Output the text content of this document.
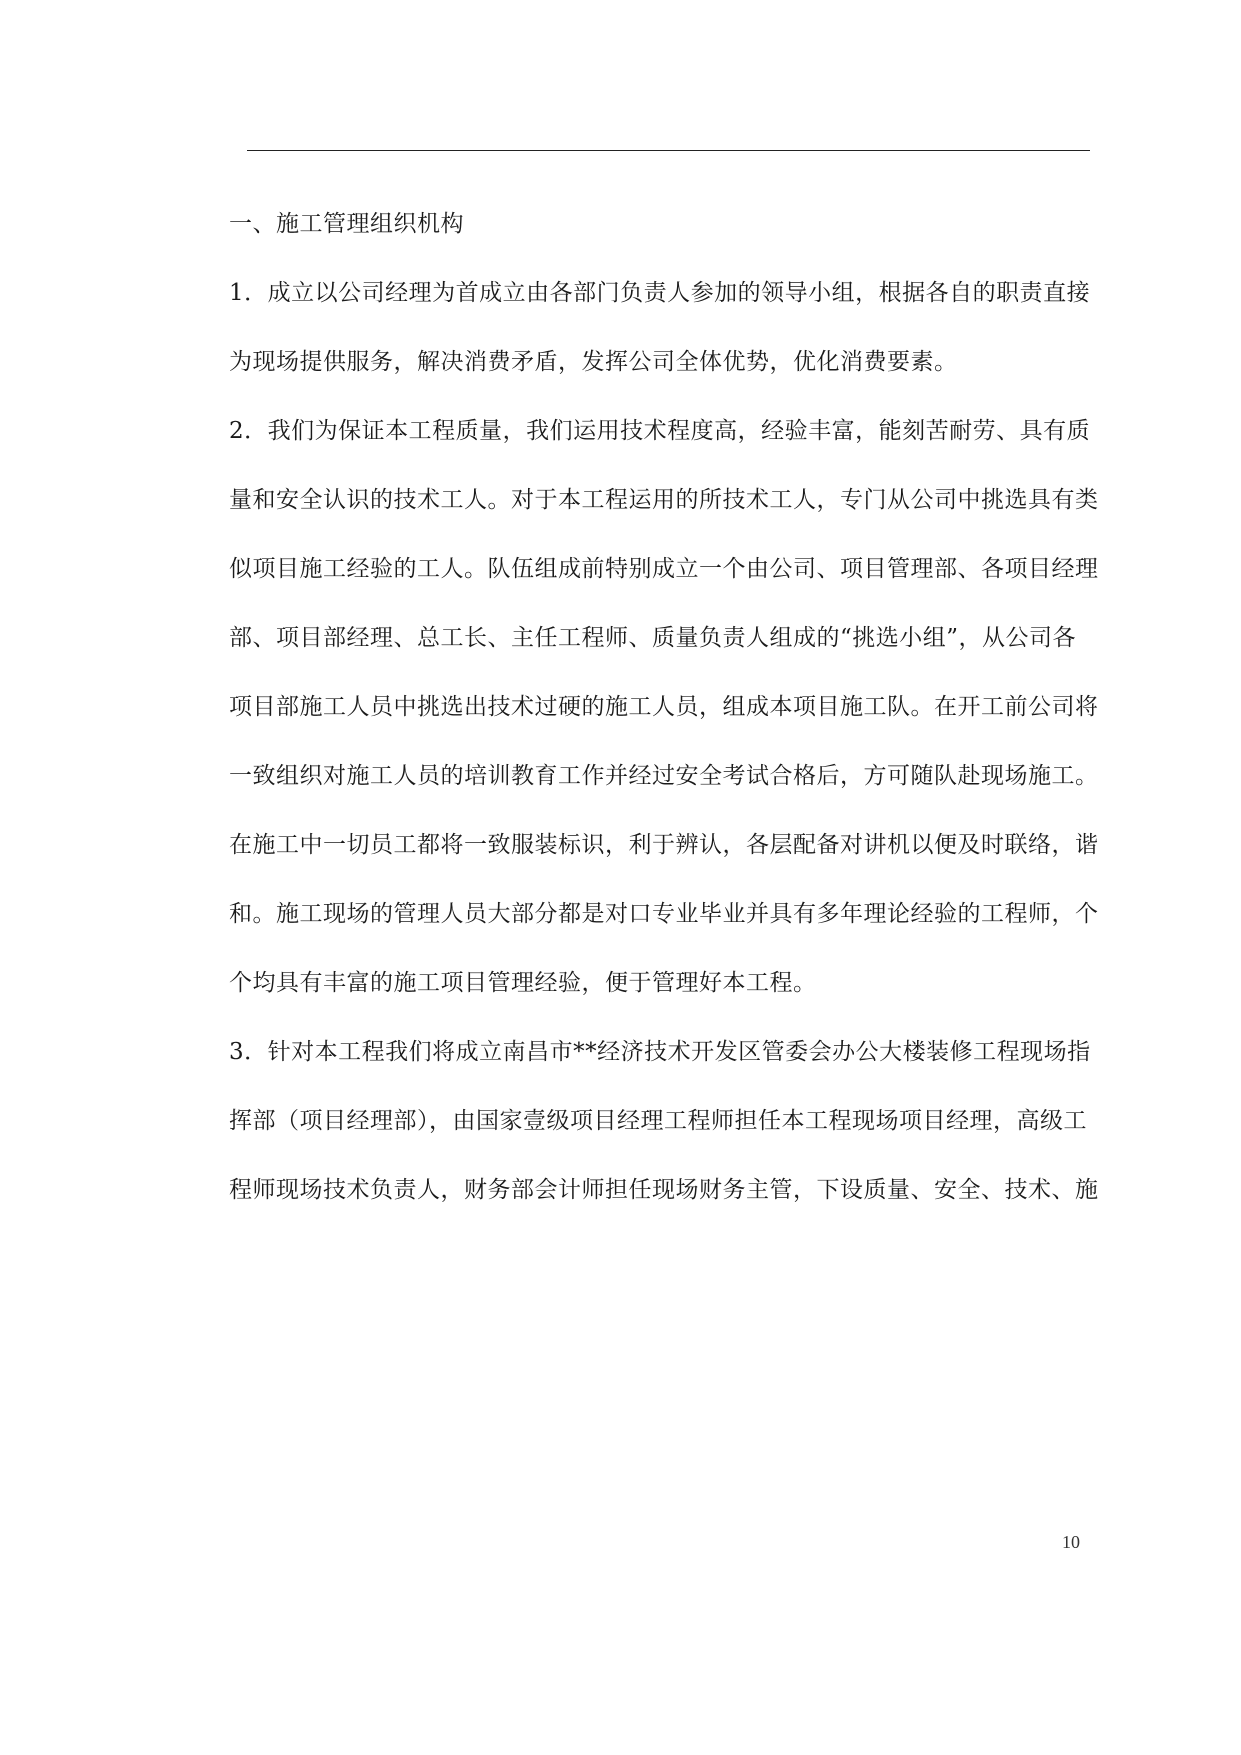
一、施工管理组织机构
1．成立以公司经理为首成立由各部门负责人参加的领导小组，根据各自的职责直接
为现场提供服务，解决消费矛盾，发挥公司全体优势，优化消费要素。
2．我们为保证本工程质量，我们运用技术程度高，经验丰富，能刻苦耐劳、具有质
量和安全认识的技术工人。对于本工程运用的所技术工人，专门从公司中挑选具有类
似项目施工经验的工人。队伍组成前特别成立一个由公司、项目管理部、各项目经理
部、项目部经理、总工长、主任工程师、质量负责人组成的“挑选小组”，从公司各
项目部施工人员中挑选出技术过硬的施工人员，组成本项目施工队。在开工前公司将
一致组织对施工人员的培训教育工作并经过安全考试合格后，方可随队赴现场施工。
在施工中一切员工都将一致服装标识，利于辨认，各层配备对讲机以便及时联络，谐
和。施工现场的管理人员大部分都是对口专业毕业并具有多年理论经验的工程师，个
个均具有丰富的施工项目管理经验，便于管理好本工程。
3．针对本工程我们将成立南昌市**经济技术开发区管委会办公大楼装修工程现场指
挥部（项目经理部），由国家壹级项目经理工程师担任本工程现场项目经理，高级工
程师现场技术负责人，财务部会计师担任现场财务主管，下设质量、安全、技术、施
10
